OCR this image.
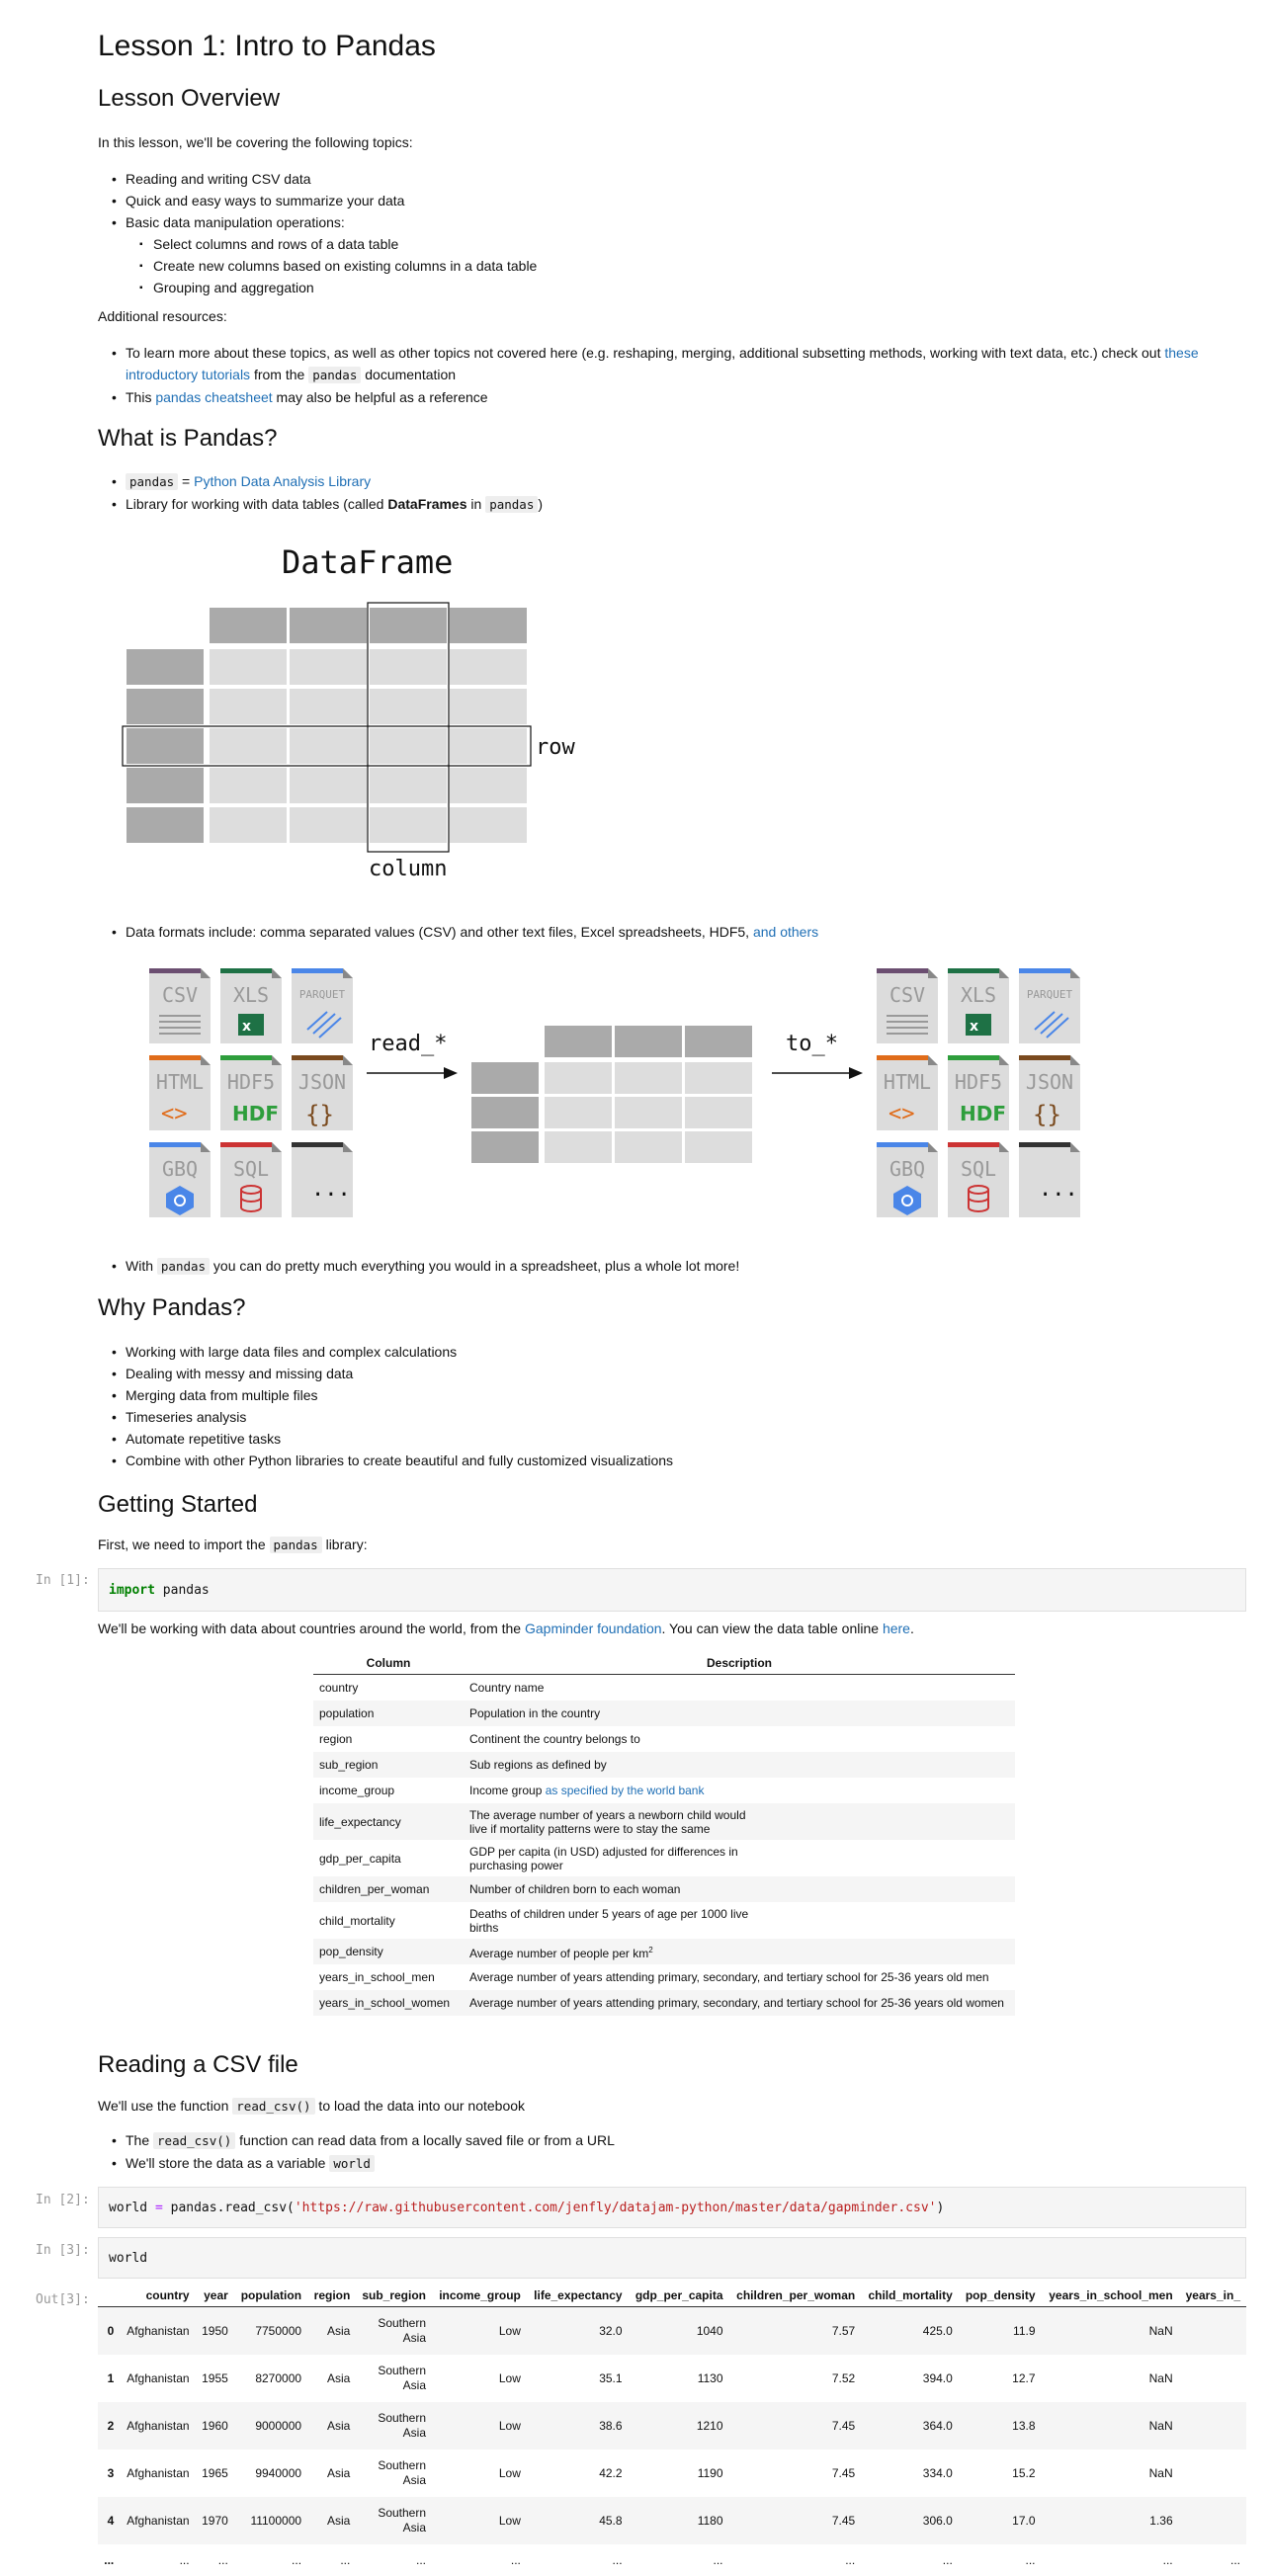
Lesson 1: Intro to Pandas
Lesson Overview

In this lesson, we'll be covering the following topics:

• Reading and writing CSV data
• Quick and easy ways to summarize your data
• Basic data manipulation operations:
▪ Select columns and rows of a data table
▪ Create new columns based on existing columns in a data table
▪ Grouping and aggregation

Additional resources:

• To learn more about these topics, as well as other topics not covered here (e.g. reshaping, merging, additional subsetting methods, working with text data, etc.) check out these introductory tutorials from the pandas documentation
• This pandas cheatsheet may also be helpful as a reference
What is Pandas?
• pandas = Python Data Analysis Library
• Library for working with data tables (called DataFrames in pandas )
DataFrame
row
column
• Data formats include: comma separated values (CSV) and other text files, Excel spreadsheets, HDF5, and others
CSV XLS
x
PARQUET
HTML
<>
HDF5
HDF
JSON
{}
GBQ SQL
...
read_*	to_*
CSV XLS
x
PARQUET
HTML
<>
HDF5
HDF
JSON
{}
GBQ SQL
...
• With pandas you can do pretty much everything you would in a spreadsheet, plus a whole lot more!
Why Pandas?
• Working with large data files and complex calculations
• Dealing with messy and missing data
• Merging data from multiple files
• Timeseries analysis
• Automate repetitive tasks
• Combine with other Python libraries to create beautiful and fully customized visualizations
Getting Started

First, we need to import the pandas library:

In [1]:
import pandas

We'll be working with data about countries around the world, from the Gapminder foundation. You can view the data table online here.

Column	Description
country	Country name
population	Population in the country
region	Continent the country belongs to
sub_region	Sub regions as defined by
income_group	Income group as specified by the world bank
life_expectancy	The average number of years a newborn child would live if mortality patterns were to stay the same

gdp_per_capita	GDP per capita (in USD) adjusted for differences in purchasing power

children_per_woman	Number of children born to each woman
child_mortality	Deaths of children under 5 years of age per 1000 live births

pop_density	Average number of people per $km^2$
years_in_school_men	Average number of years attending primary, secondary, and tertiary school for 25-36 years old men
years_in_school_women	Average number of years attending primary, secondary, and tertiary school for 25-36 years old women
Reading a CSV file

We'll use the function read_csv() to load the data into our notebook

• The read_csv() function can read data from a locally saved file or from a URL
• We'll store the data as a variable world
In [2]: world = pandas.read_csv( 'https://raw.githubusercontent.com/jenfly/datajam-python/master/data/gapminder.csv' )
In [3]: world
Out[3]:
		country	year	population	region	sub_region	income_group	life_expectancy	gdp_per_capita	children_per_woman	child_mortality	pop_density	years_in_school_men	years_in_
0	Afghanistan	1950	7750000	Asia	Southern Asia	Low	32.0	1040	7.57	425.0	11.9	NaN	
1	Afghanistan	1955	8270000	Asia	Southern Asia	Low	35.1	1130	7.52	394.0	12.7	NaN	
2	Afghanistan	1960	9000000	Asia	Southern Asia	Low	38.6	1210	7.45	364.0	13.8	NaN	
3	Afghanistan	1965	9940000	Asia	Southern Asia	Low	42.2	1190	7.45	334.0	15.2	NaN	
4	Afghanistan	1970	11100000	Asia	Southern Asia	Low	45.8	1180	7.45	306.0	17.0	1.36	
...	...	...	...	...	...	...	...	...	...	...	...	...	...
